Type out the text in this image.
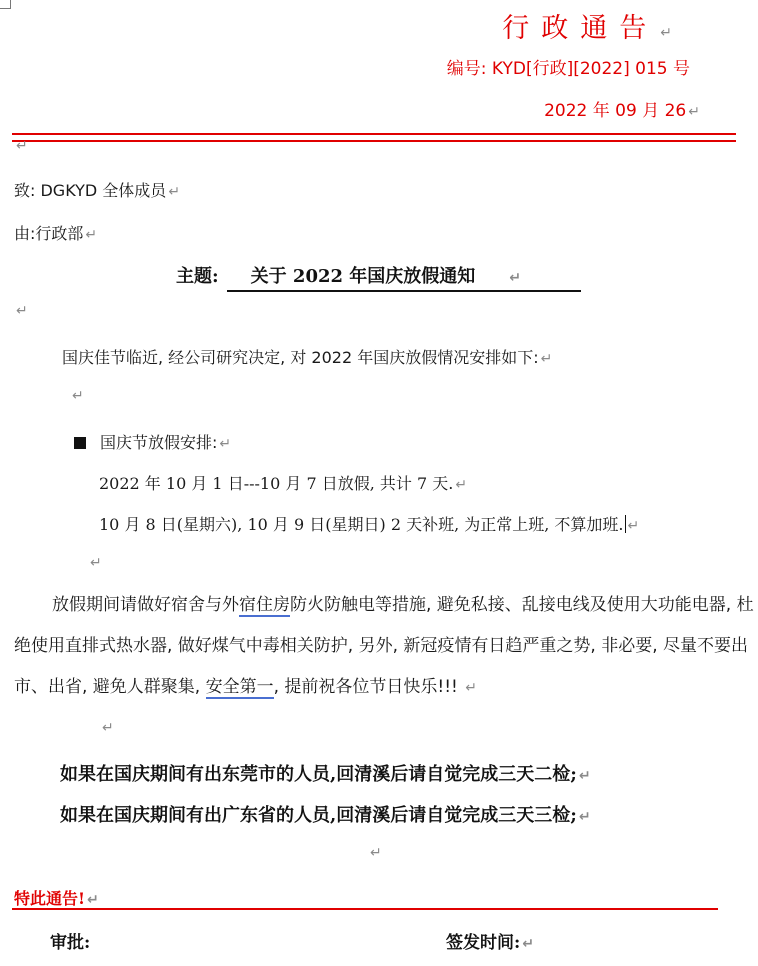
行政通告 ↵
编号: KYD[行政][2022] 015 号
2022 年 09 月 26 ↵
↵
致: DGKYD 全体成员 ↵
由:行政部 ↵
主题: 关于 2022 年国庆放假通知 ↵
↵
国庆佳节临近, 经公司研究决定, 对 2022 年国庆放假情况安排如下: ↵
↵
国庆节放假安排: ↵
2022 年 10 月 1 日---10 月 7 日放假, 共计 7 天. ↵
10 月 8 日(星期六), 10 月 9 日(星期日) 2 天补班, 为正常上班, 不算加班. ↵
↵
放假期间请做好宿舍与外宿住房防火防触电等措施, 避免私接、乱接电线及使用大功能电器, 杜绝使用直排式热水器, 做好煤气中毒相关防护, 另外, 新冠疫情有日趋严重之势, 非必要, 尽量不要出市、出省, 避免人群聚集, 安全第一, 提前祝各位节日快乐!!! ↵
↵
如果在国庆期间有出东莞市的人员,回清溪后请自觉完成三天二检; ↵
如果在国庆期间有出广东省的人员,回清溪后请自觉完成三天三检; ↵
↵
特此通告! ↵
审批:	签发时间: ↵
